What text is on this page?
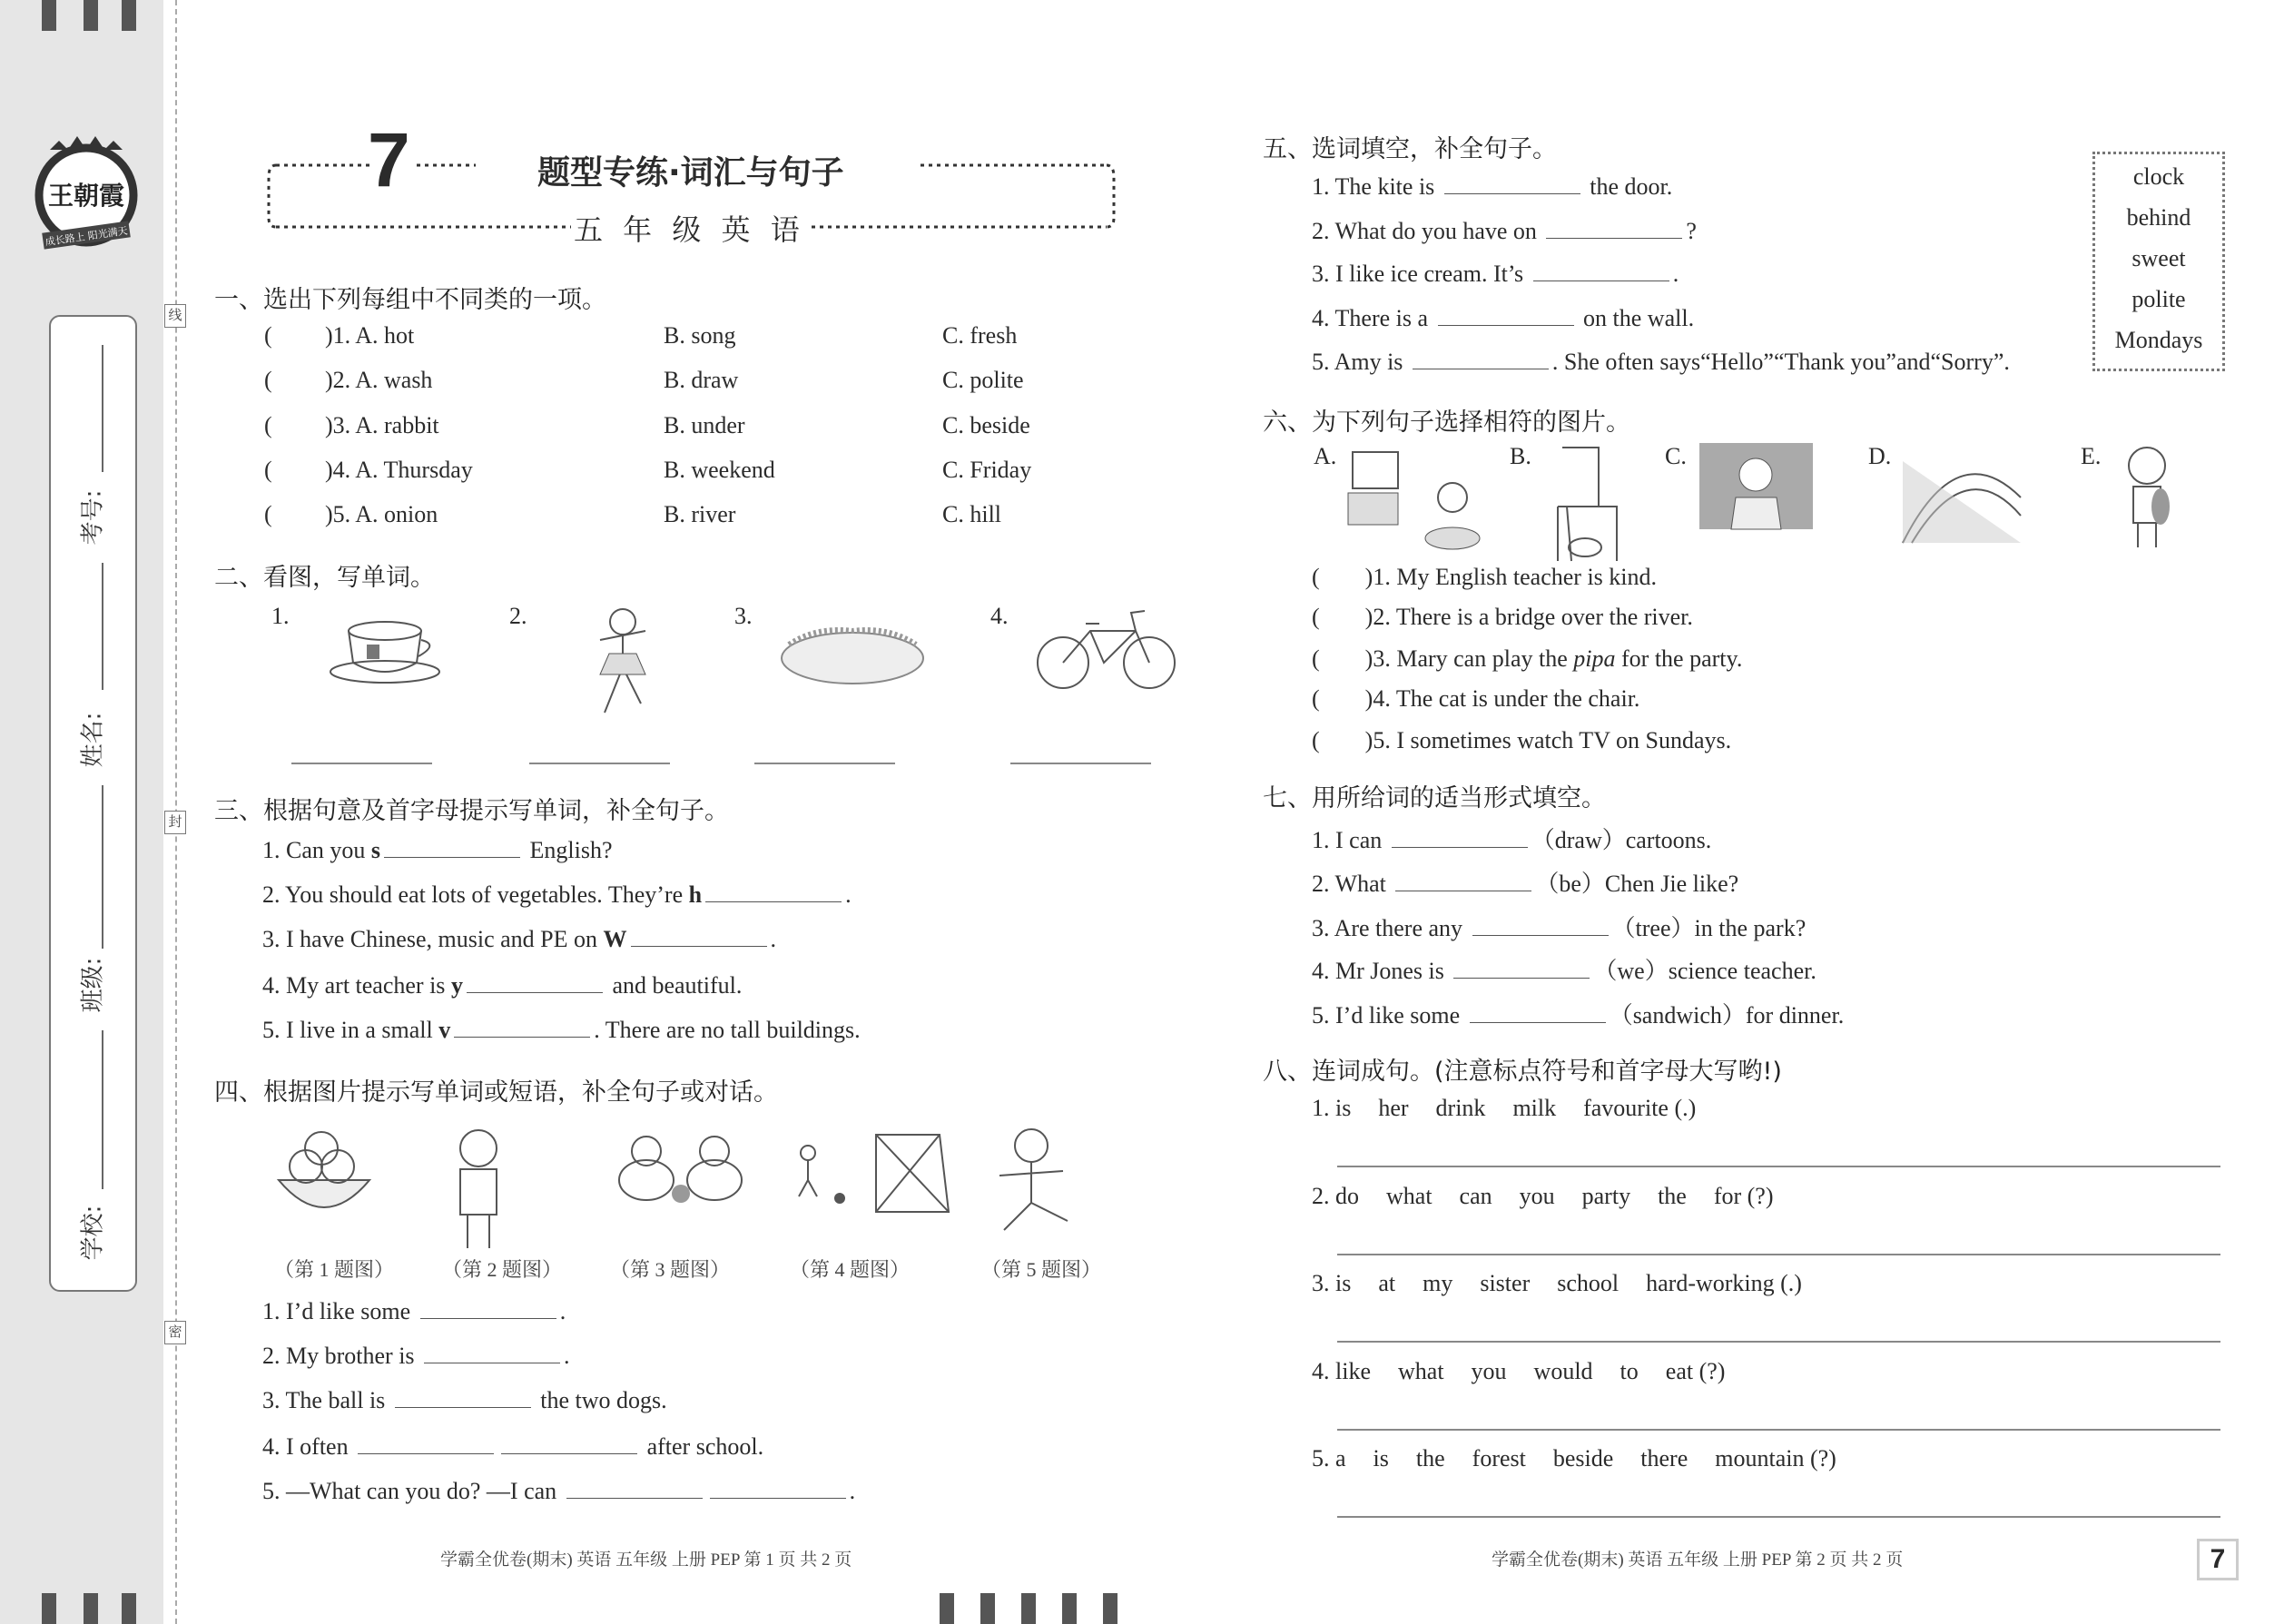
线
封
密
王朝霞
成长路上 阳光满天
考号:
姓名:
班级:
学校:
7	题型专练·词汇与句子
五 年 级 英 语
一、选出下列每组中不同类的一项。
( )1. A. hot	B. song	C. fresh
( )2. A. wash	B. draw	C. polite
( )3. A. rabbit	B. under	C. beside
( )4. A. Thursday	B. weekend	C. Friday
( )5. A. onion	B. river	C. hill
二、看图，写单词。
1.	2.	3.	4.
三、根据句意及首字母提示写单词，补全句子。
1. Can you s	English?
2. You should eat lots of vegetables. They’re h	.
3. I have Chinese, music and PE on W	.
4. My art teacher is y	and beautiful.
5. I live in a small v	. There are no tall buildings.
四、根据图片提示写单词或短语，补全句子或对话。
（第 1 题图） （第 2 题图） （第 3 题图）	（第 4 题图）	（第 5 题图）
1. I’d like some	.
2. My brother is	.
3. The ball is	the two dogs.
4. I often	after school.
5. —What can you do? —I can	.
五、选词填空，补全句子。
1. The kite is	the door.
2. What do you have on	?
3. I like ice cream. It’s	.
4. There is a	on the wall.
5. Amy is	. She often says“Hello”“Thank you”and“Sorry”.
clock
behind
sweet
polite
Mondays
六、为下列句子选择相符的图片。
A.	B.	C.	D.	E.
( )1. My English teacher is kind.
( )2. There is a bridge over the river.
( )3. Mary can play the pipa for the party.
( )4. The cat is under the chair.
( )5. I sometimes watch TV on Sundays.
七、用所给词的适当形式填空。
1. I can	（draw）cartoons.
2. What	（be）Chen Jie like?
3. Are there any	（tree）in the park?
4. Mr Jones is	（we）science teacher.
5. I’d like some	（sandwich）for dinner.
八、连词成句。(注意标点符号和首字母大写哟!)
1. is her drink milk favourite (.)
2. do what can you party the for (?)
3. is at my sister school hard-working (.)
4. like what you would to eat (?)
5. a is the forest beside there mountain (?)
学霸全优卷(期末) 英语 五年级 上册 PEP 第 1 页 共 2 页	学霸全优卷(期末) 英语 五年级 上册 PEP 第 2 页 共 2 页	7
